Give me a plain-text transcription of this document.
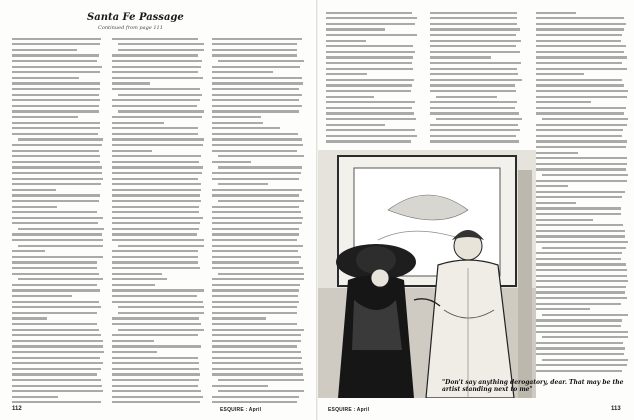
Santa Fe Passage
Continued from page 111
"Don't say anything derogatory, dear. That may be the artist standing next to me"
112	ESQUIRE : April	ESQUIRE : April	113
